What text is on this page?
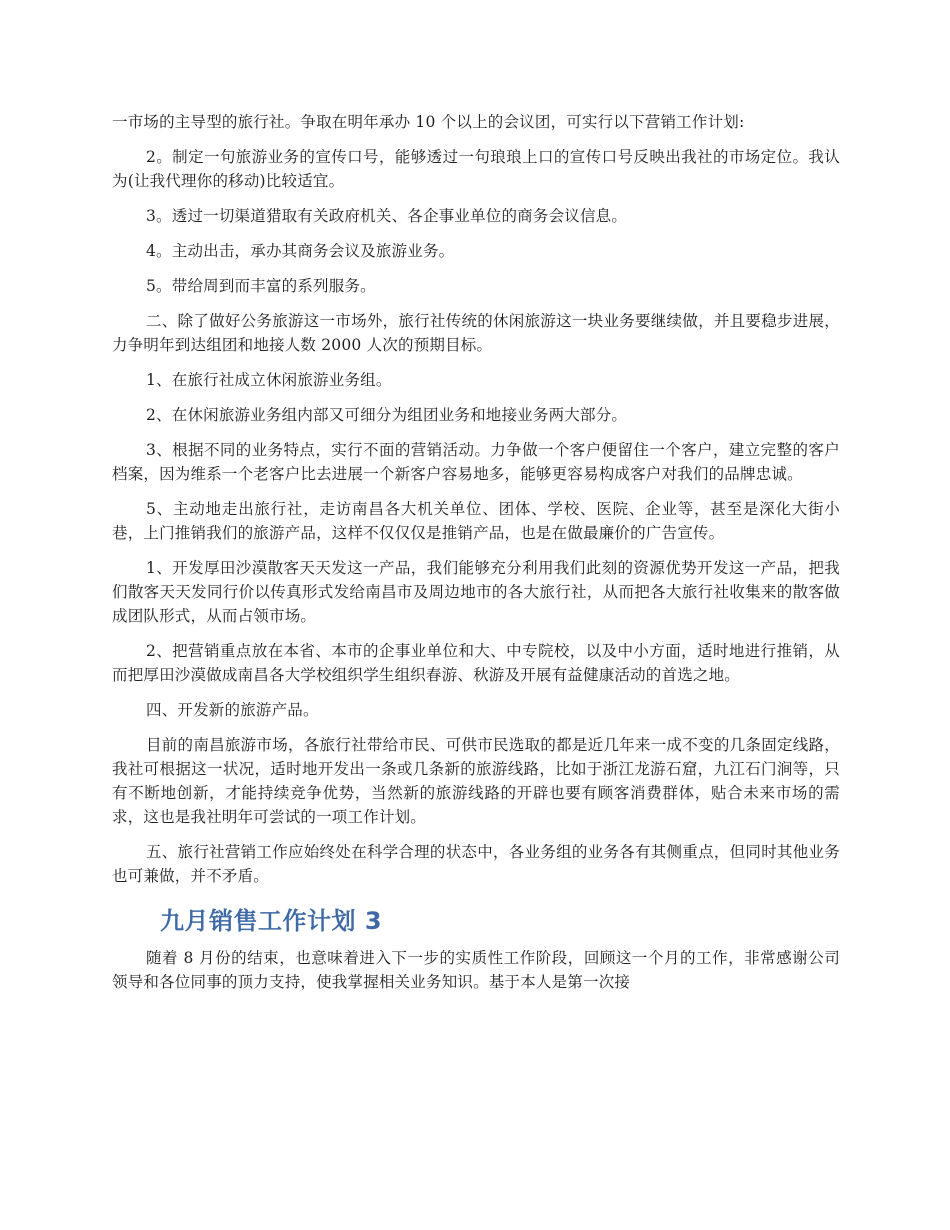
一市场的主导型的旅行社。争取在明年承办 10 个以上的会议团，可实行以下营销工作计划:

2。制定一句旅游业务的宣传口号，能够透过一句琅琅上口的宣传口号反映出我社的市场定位。我认为(让我代理你的移动)比较适宜。

3。透过一切渠道猎取有关政府机关、各企事业单位的商务会议信息。

4。主动出击，承办其商务会议及旅游业务。

5。带给周到而丰富的系列服务。

二、除了做好公务旅游这一市场外，旅行社传统的休闲旅游这一块业务要继续做，并且要稳步进展，力争明年到达组团和地接人数 2000 人次的预期目标。

1、在旅行社成立休闲旅游业务组。

2、在休闲旅游业务组内部又可细分为组团业务和地接业务两大部分。

3、根据不同的业务特点，实行不面的营销活动。力争做一个客户便留住一个客户，建立完整的客户档案，因为维系一个老客户比去进展一个新客户容易地多，能够更容易构成客户对我们的品牌忠诚。

5、主动地走出旅行社，走访南昌各大机关单位、团体、学校、医院、企业等，甚至是深化大街小巷，上门推销我们的旅游产品，这样不仅仅仅是推销产品，也是在做最廉价的广告宣传。

1、开发厚田沙漠散客天天发这一产品，我们能够充分利用我们此刻的资源优势开发这一产品，把我们散客天天发同行价以传真形式发给南昌市及周边地市的各大旅行社，从而把各大旅行社收集来的散客做成团队形式，从而占领市场。

2、把营销重点放在本省、本市的企事业单位和大、中专院校，以及中小方面，适时地进行推销，从而把厚田沙漠做成南昌各大学校组织学生组织春游、秋游及开展有益健康活动的首选之地。

四、开发新的旅游产品。

目前的南昌旅游市场，各旅行社带给市民、可供市民选取的都是近几年来一成不变的几条固定线路，我社可根据这一状况，适时地开发出一条或几条新的旅游线路，比如于浙江龙游石窟，九江石门涧等，只有不断地创新，才能持续竞争优势，当然新的旅游线路的开辟也要有顾客消费群体，贴合未来市场的需求，这也是我社明年可尝试的一项工作计划。

五、旅行社营销工作应始终处在科学合理的状态中，各业务组的业务各有其侧重点，但同时其他业务也可兼做，并不矛盾。

九月销售工作计划 3

随着 8 月份的结束，也意味着进入下一步的实质性工作阶段，回顾这一个月的工作，非常感谢公司领导和各位同事的顶力支持，使我掌握相关业务知识。基于本人是第一次接
